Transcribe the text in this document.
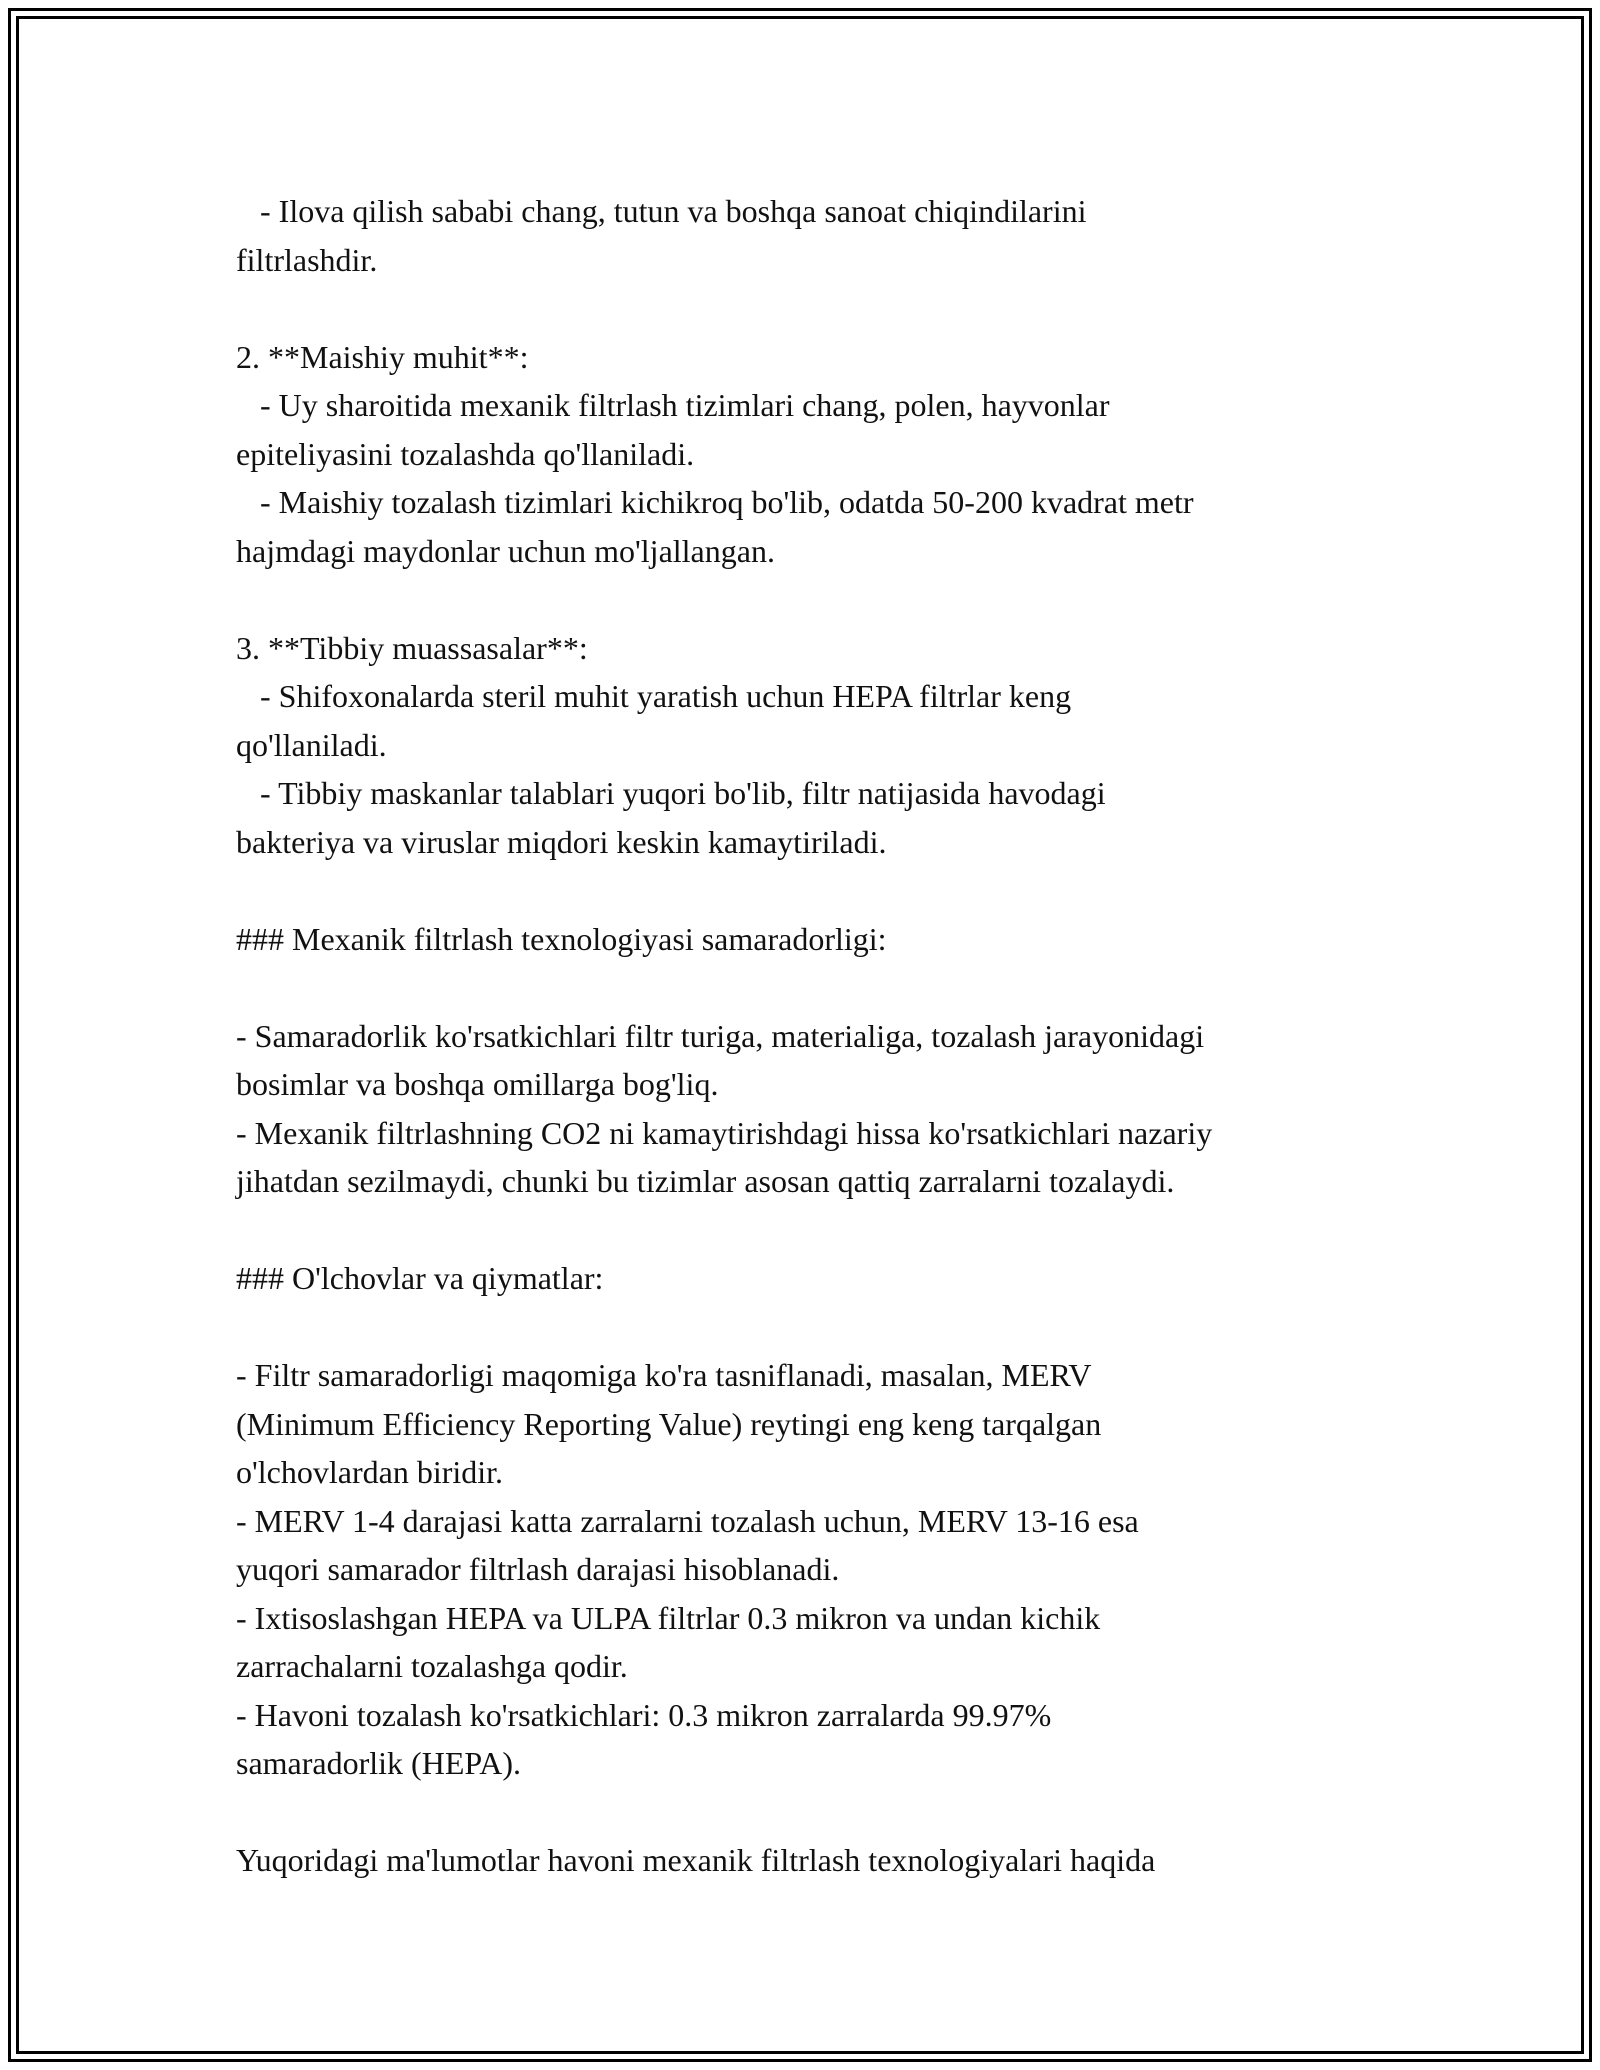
- Ilova qilish sababi chang, tutun va boshqa sanoat chiqindilarini
filtrlashdir.
2. **Maishiy muhit**:
- Uy sharoitida mexanik filtrlash tizimlari chang, polen, hayvonlar
epiteliyasini tozalashda qo'llaniladi.
- Maishiy tozalash tizimlari kichikroq bo'lib, odatda 50-200 kvadrat metr
hajmdagi maydonlar uchun mo'ljallangan.
3. **Tibbiy muassasalar**:
- Shifoxonalarda steril muhit yaratish uchun HEPA filtrlar keng
qo'llaniladi.
- Tibbiy maskanlar talablari yuqori bo'lib, filtr natijasida havodagi
bakteriya va viruslar miqdori keskin kamaytiriladi.
### Mexanik filtrlash texnologiyasi samaradorligi:
- Samaradorlik ko'rsatkichlari filtr turiga, materialiga, tozalash jarayonidagi
bosimlar va boshqa omillarga bog'liq.
- Mexanik filtrlashning CO2 ni kamaytirishdagi hissa ko'rsatkichlari nazariy
jihatdan sezilmaydi, chunki bu tizimlar asosan qattiq zarralarni tozalaydi.
### O'lchovlar va qiymatlar:
- Filtr samaradorligi maqomiga ko'ra tasniflanadi, masalan, MERV
(Minimum Efficiency Reporting Value) reytingi eng keng tarqalgan
o'lchovlardan biridir.
- MERV 1-4 darajasi katta zarralarni tozalash uchun, MERV 13-16 esa
yuqori samarador filtrlash darajasi hisoblanadi.
- Ixtisoslashgan HEPA va ULPA filtrlar 0.3 mikron va undan kichik
zarrachalarni tozalashga qodir.
- Havoni tozalash ko'rsatkichlari: 0.3 mikron zarralarda 99.97%
samaradorlik (HEPA).
Yuqoridagi ma'lumotlar havoni mexanik filtrlash texnologiyalari haqida
